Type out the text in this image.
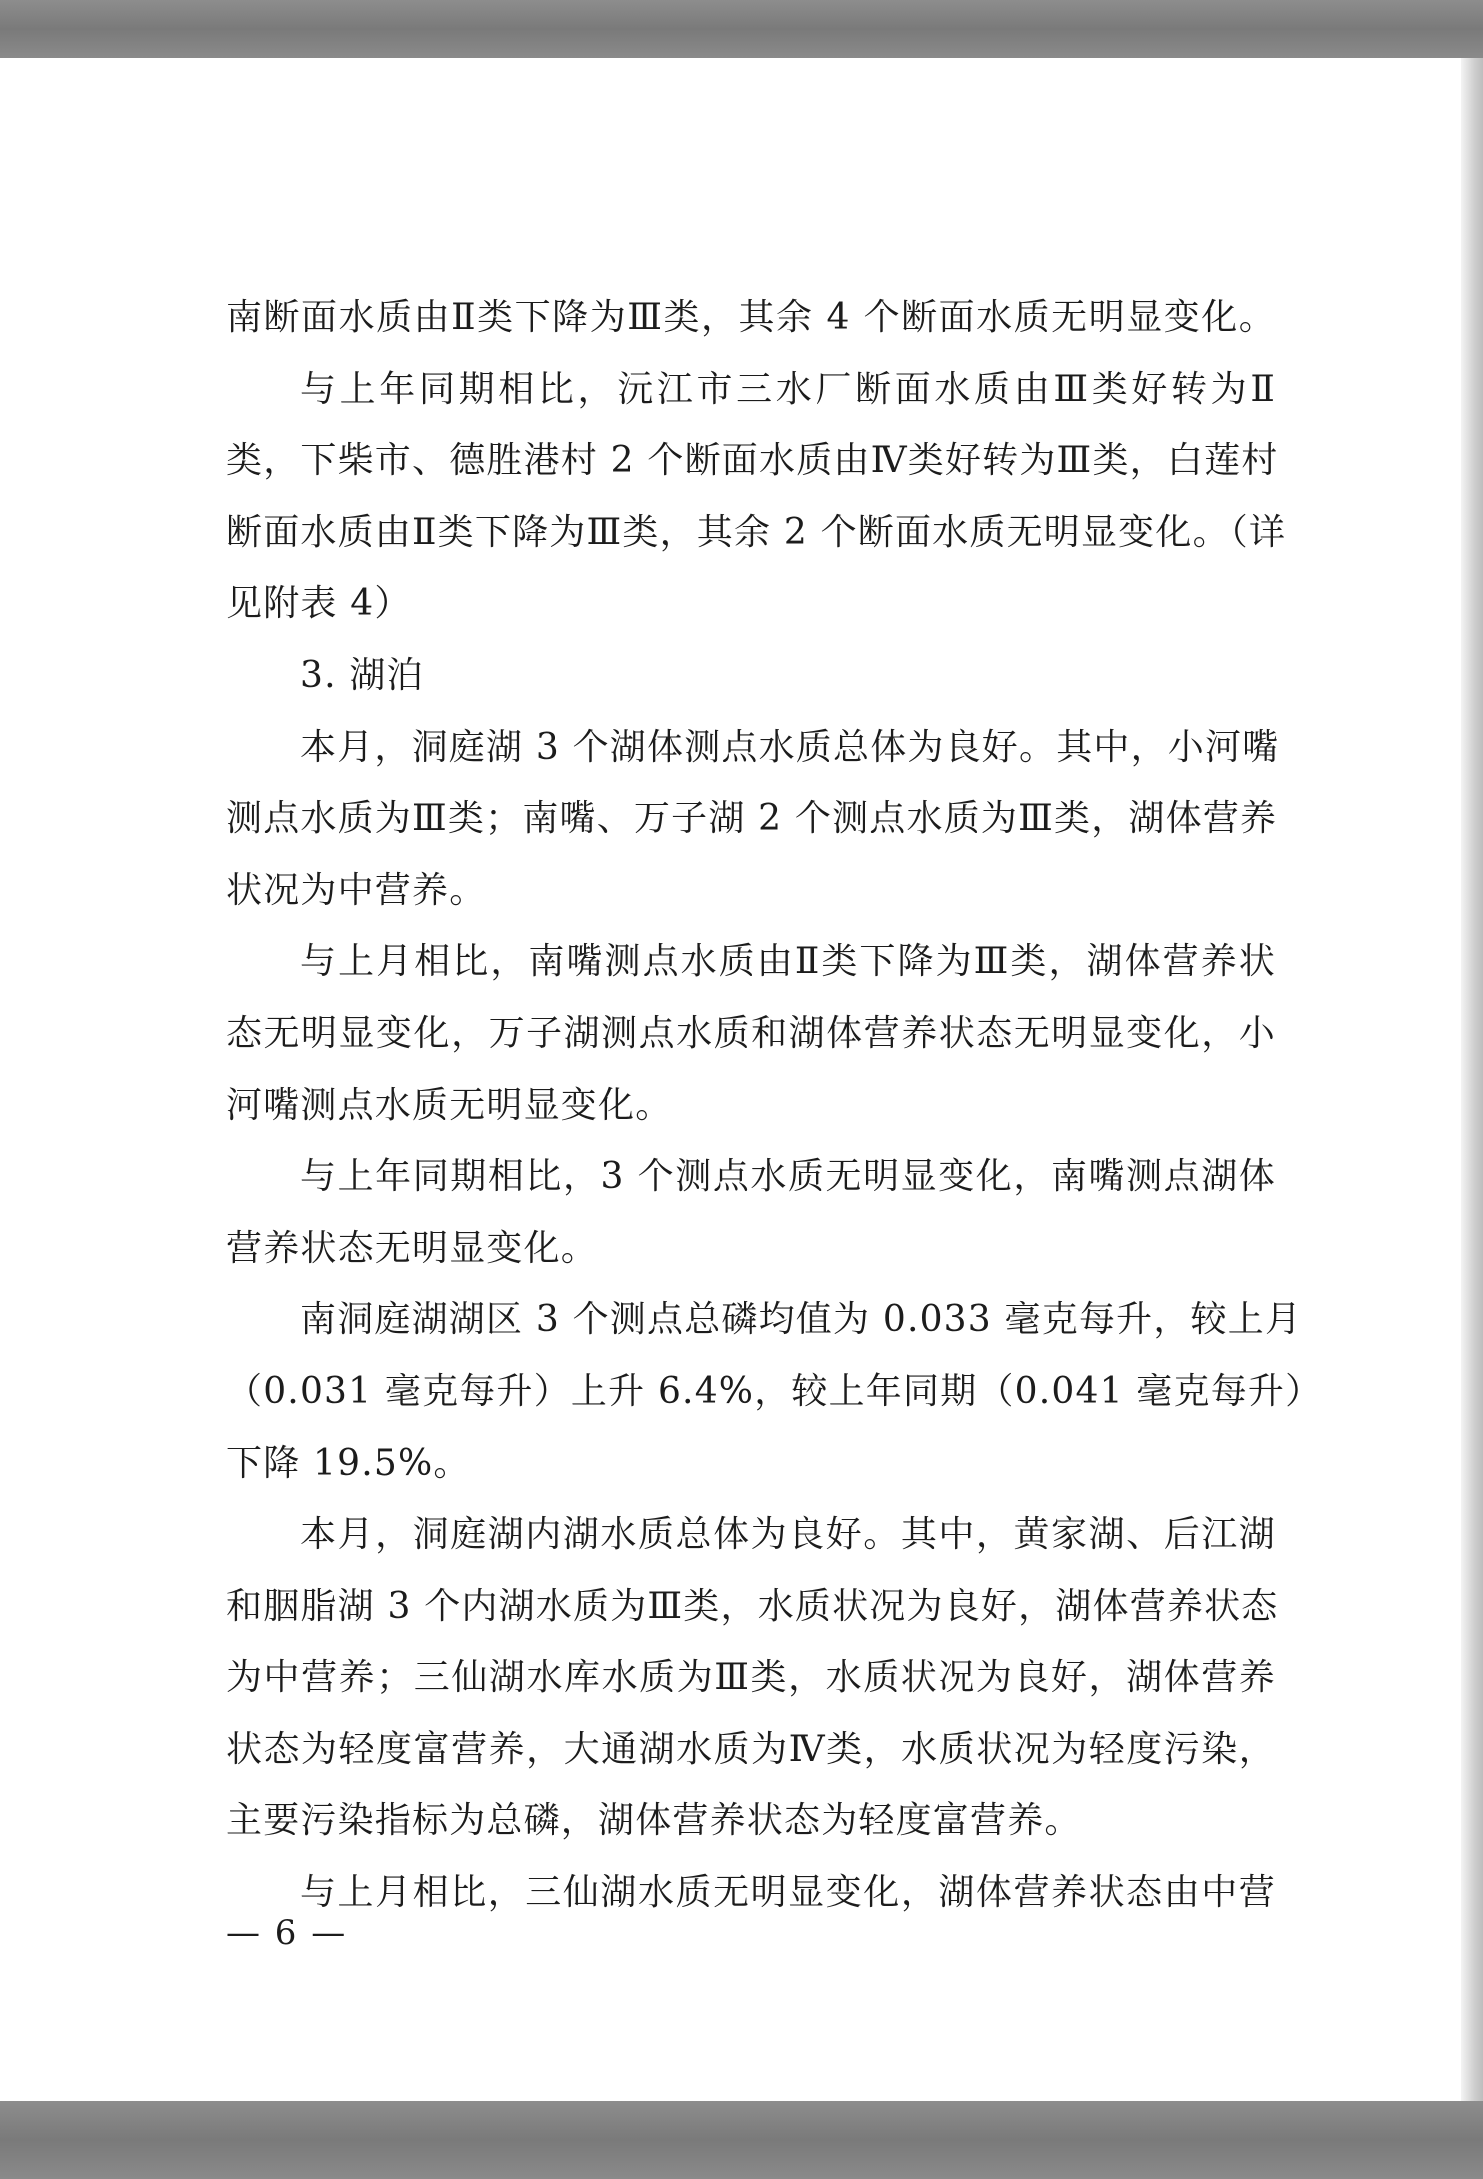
南断面水质由Ⅱ类下降为Ⅲ类，其余 4 个断面水质无明显变化。
与上年同期相比，沅江市三水厂断面水质由Ⅲ类好转为Ⅱ
类，下柴市、德胜港村 2 个断面水质由Ⅳ类好转为Ⅲ类，白莲村
断面水质由Ⅱ类下降为Ⅲ类，其余 2 个断面水质无明显变化。（详
见附表 4）
3. 湖泊
本月，洞庭湖 3 个湖体测点水质总体为良好。其中，小河嘴
测点水质为Ⅲ类；南嘴、万子湖 2 个测点水质为Ⅲ类，湖体营养
状况为中营养。
与上月相比，南嘴测点水质由Ⅱ类下降为Ⅲ类，湖体营养状
态无明显变化，万子湖测点水质和湖体营养状态无明显变化，小
河嘴测点水质无明显变化。
与上年同期相比，3 个测点水质无明显变化，南嘴测点湖体
营养状态无明显变化。
南洞庭湖湖区 3 个测点总磷均值为 0.033 毫克每升，较上月
（0.031 毫克每升）上升 6.4%，较上年同期（0.041 毫克每升）
下降 19.5%。
本月，洞庭湖内湖水质总体为良好。其中，黄家湖、后江湖
和胭脂湖 3 个内湖水质为Ⅲ类，水质状况为良好，湖体营养状态
为中营养；三仙湖水库水质为Ⅲ类，水质状况为良好，湖体营养
状态为轻度富营养，大通湖水质为Ⅳ类，水质状况为轻度污染，
主要污染指标为总磷，湖体营养状态为轻度富营养。
与上月相比，三仙湖水质无明显变化，湖体营养状态由中营
— 6 —
